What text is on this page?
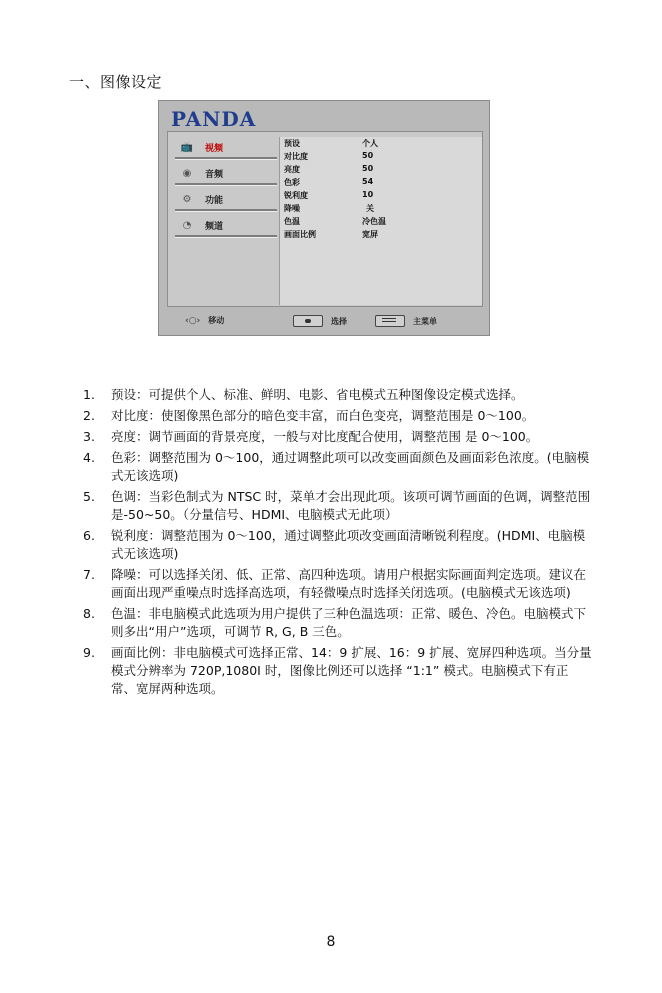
一、图像设定
PANDA
📺 视频
◉	音频
⚙	功能
◔	频道
预设	个人
对比度	50
亮度	50
色彩	54
锐利度	10
降噪	关
色温	冷色温
画面比例	宽屏
‹○› 移动	选择	主菜单
1.	预设：可提供个人、标准、鲜明、电影、省电模式五种图像设定模式选择。
2.	对比度：使图像黑色部分的暗色变丰富，而白色变亮，调整范围是 0～100。
3.	亮度：调节画面的背景亮度，一般与对比度配合使用，调整范围 是 0～100。
4.	色彩：调整范围为 0～100，通过调整此项可以改变画面颜色及画面彩色浓度。(电脑模式无该选项)
5.	色调：当彩色制式为 NTSC 时，菜单才会出现此项。该项可调节画面的色调，调整范围是-50~50。（分量信号、HDMI、电脑模式无此项）
6.	锐利度：调整范围为 0～100，通过调整此项改变画面清晰锐利程度。(HDMI、电脑模式无该选项)
7.	降噪：可以选择关闭、低、正常、高四种选项。请用户根据实际画面判定选项。建议在画面出现严重噪点时选择高选项，有轻微噪点时选择关闭选项。(电脑模式无该选项)
8.	色温：非电脑模式此选项为用户提供了三种色温选项：正常、暖色、冷色。电脑模式下则多出“用户”选项，可调节 R, G, B 三色。
9.	画面比例：非电脑模式可选择正常、14：9 扩展、16：9 扩展、宽屏四种选项。当分量模式分辨率为 720P,1080I 时，图像比例还可以选择 “1:1” 模式。电脑模式下有正常、宽屏两种选项。
8
